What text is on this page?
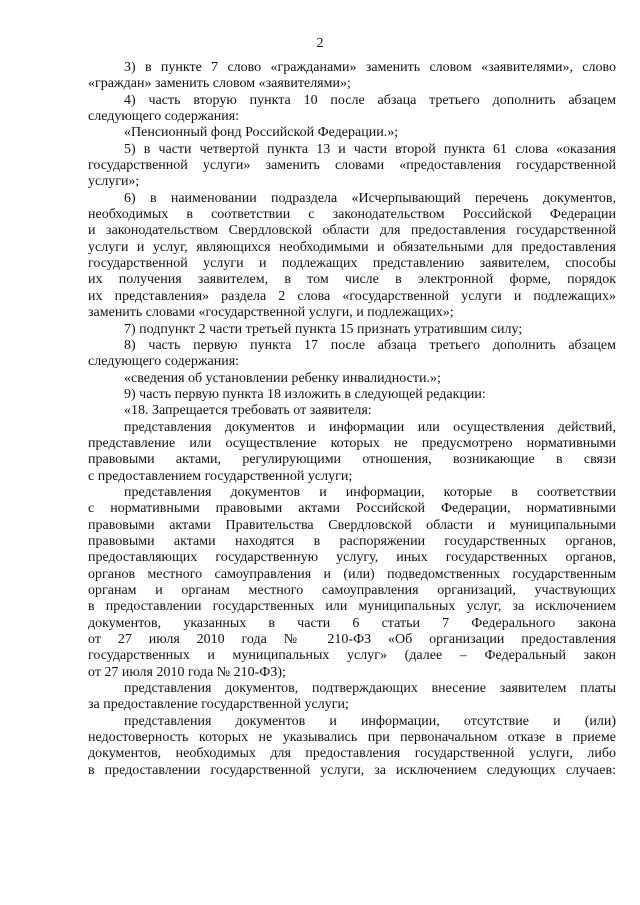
2
3) в пункте 7 слово «гражданами» заменить словом «заявителями», слово
«граждан» заменить словом «заявителями»;
4) часть вторую пункта 10 после абзаца третьего дополнить абзацем
следующего содержания:
«Пенсионный фонд Российской Федерации.»;
5) в части четвертой пункта 13 и части второй пункта 61 слова «оказания
государственной услуги» заменить словами «предоставления государственной
услуги»;
6) в наименовании подраздела «Исчерпывающий перечень документов,
необходимых в соответствии с законодательством Российской Федерации
и законодательством Свердловской области для предоставления государственной
услуги и услуг, являющихся необходимыми и обязательными для предоставления
государственной услуги и подлежащих представлению заявителем, способы
их получения заявителем, в том числе в электронной форме, порядок
их представления» раздела 2 слова «государственной услуги и подлежащих»
заменить словами «государственной услуги, и подлежащих»;
7) подпункт 2 части третьей пункта 15 признать утратившим силу;
8) часть первую пункта 17 после абзаца третьего дополнить абзацем
следующего содержания:
«сведения об установлении ребенку инвалидности.»;
9) часть первую пункта 18 изложить в следующей редакции:
«18. Запрещается требовать от заявителя:
представления документов и информации или осуществления действий,
представление или осуществление которых не предусмотрено нормативными
правовыми актами, регулирующими отношения, возникающие в связи
с предоставлением государственной услуги;
представления документов и информации, которые в соответствии
с нормативными правовыми актами Российской Федерации, нормативными
правовыми актами Правительства Свердловской области и муниципальными
правовыми актами находятся в распоряжении государственных органов,
предоставляющих государственную услугу, иных государственных органов,
органов местного самоуправления и (или) подведомственных государственным
органам и органам местного самоуправления организаций, участвующих
в предоставлении государственных или муниципальных услуг, за исключением
документов, указанных в части 6 статьи 7 Федерального закона
от 27 июля 2010 года № 210-ФЗ «Об организации предоставления
государственных и муниципальных услуг» (далее – Федеральный закон
от 27 июля 2010 года № 210-ФЗ);
представления документов, подтверждающих внесение заявителем платы
за предоставление государственной услуги;
представления документов и информации, отсутствие и (или)
недостоверность которых не указывались при первоначальном отказе в приеме
документов, необходимых для предоставления государственной услуги, либо
в предоставлении государственной услуги, за исключением следующих случаев:
